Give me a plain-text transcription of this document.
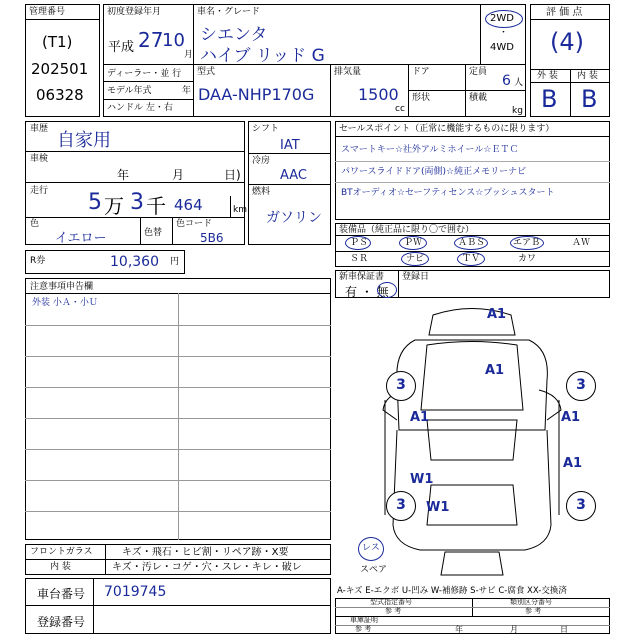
管理番号
(T1)
202501
06328
初度登録年月
平成 27
10
月
車名・グレード
シエンタ
ハイブ リッド G
2WD
・
4WD
ディーラー・並 行
モデル年式	年
ハンドル 左・右
型式
DAA-NHP170G
排気量
1500
cc
ドア
形状
定員
6 人
積載
kg
評 価 点
(4)
外 装 内 装
B B
車歴
自家用
車検
年	月	日)
走行 5 万 3 千 464	km
色
イエロー	色替
色コード
5B6
シフト
IAT
冷房
AAC
燃料
ガソリン
セールスポイント（正常に機能するものに限ります）
スマートキー☆社外アルミホイール☆ＥＴＣ
パワースライドドア(両側)☆純正メモリーナビ
BTオーディオ☆セーフティセンス☆プッシュスタート
装備品（純正品に限り〇で囲む）
ＰＳ	ＰＷ	ＡＢＳ	エアＢ	ＡＷ
ＳＲ	ナビ	ＴＶ	カワ
R券	10,360 円
新車保証書
有 ・ 無
登録日
注意事項申告欄
外装 小Ａ・小Ｕ
A1
A1
3	3
A1	A1
A1
W1
W1
3	3
レス
スペア
フロントガラス	キズ・飛石・ヒビ割・リペア跡・X要
内 装	キズ・汚レ・コゲ・穴・スレ・キレ・破レ
車台番号 7019745
登録番号
A-キズ E-エクボ U-凹み W-補修跡 S-サビ C-腐食 XX-交換済
型式指定番号
参 考
類別区分番号
参 考
車庫証明
参 考	年	月	日
